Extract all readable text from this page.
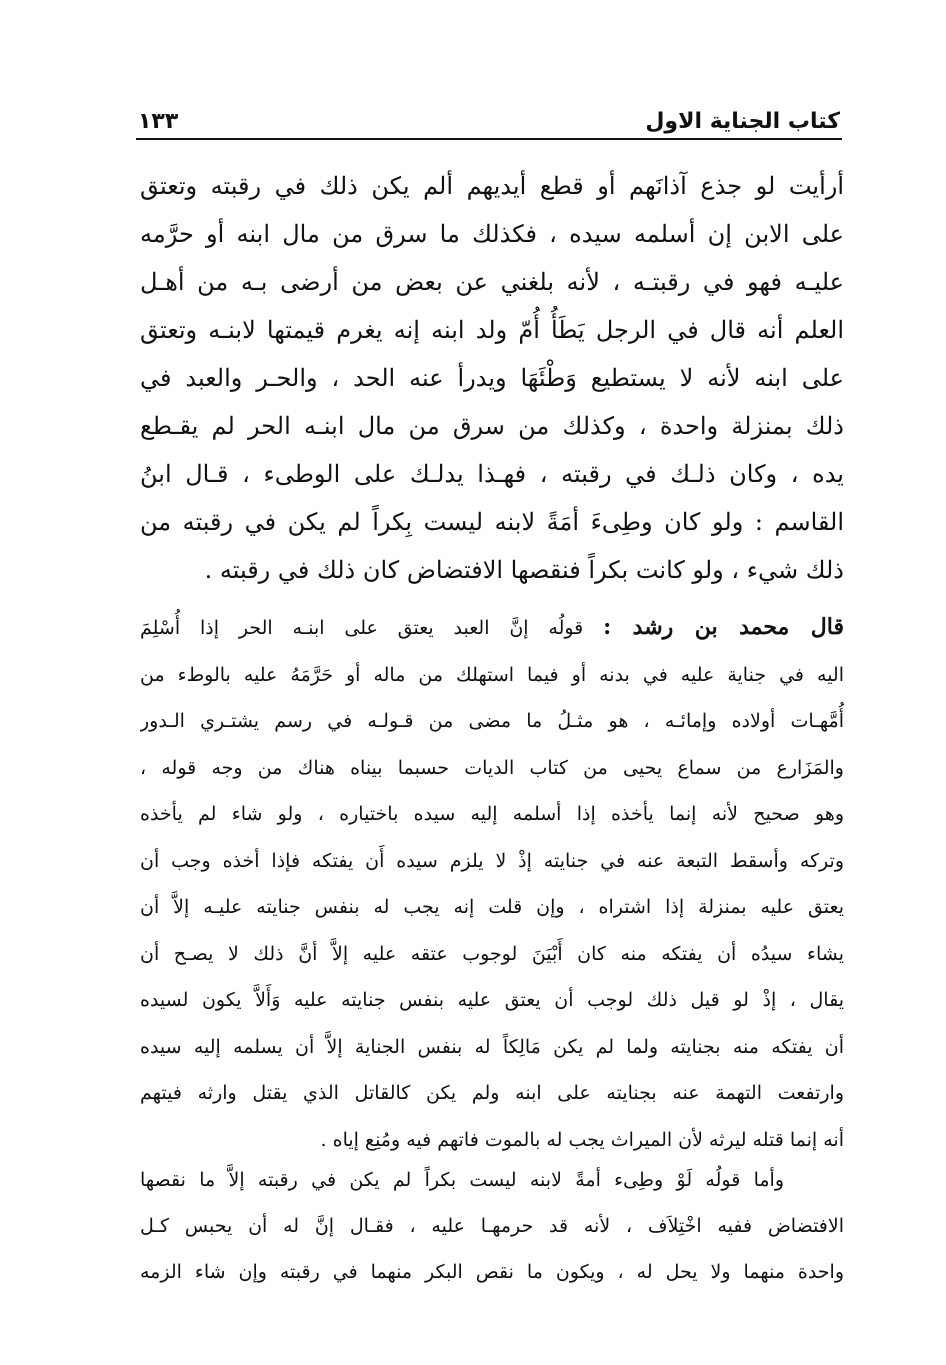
كتاب الجناية الاول
١٣٣
أرأيت لو جذع آذانَهم أو قطع أيديهم ألم يكن ذلك في رقبته وتعتق
على الابن إن أسلمه سيده ، فكذلك ما سرق من مال ابنه أو حرَّمه
عليـه فهو في رقبتـه ، لأنه بلغني عن بعض من أرضى بـه من أهـل
العلم أنه قال في الرجل يَطَأُ أُمّ ولد ابنه إنه يغرم قيمتها لابنـه وتعتق
على ابنه لأنه لا يستطيع وَطْئَهَا ويدرأ عنه الحد ، والحـر والعبد في
ذلك بمنزلة واحدة ، وكذلك من سرق من مال ابنـه الحر لم يقـطع
يده ، وكان ذلـك في رقبته ، فهـذا يدلـك على الوطىء ، قـال ابنُ
القاسم : ولو كان وطِىءَ أمَةً لابنه ليست بِكراً لم يكن في رقبته من
ذلك شيء ، ولو كانت بكراً فنقصها الافتضاض كان ذلك في رقبته .
قال محمد بن رشد : قولُه إنَّ العبد يعتق على ابنـه الحر إذا أُسْلِمَ
اليه في جناية عليه في بدنه أو فيما استهلك من ماله أو حَرَّمَهُ عليه بالوطء من
أُمَّهـات أولاده وإمائـه ، هو مثـلُ ما مضى من قـولـه في رسم يشتـري الـدور
والمَزَارع من سماع يحيى من كتاب الديات حسبما بيناه هناك من وجه قوله ،
وهو صحيح لأنه إنما يأخذه إذا أسلمه إليه سيده باختياره ، ولو شاء لم يأخذه
وتركه وأسقط التبعة عنه في جنايته إذْ لا يلزم سيده أَن يفتكه فإذا أخذه وجب أن
يعتق عليه بمنزلة إذا اشتراه ، وإن قلت إنه يجب له بنفس جنايته عليـه إلاَّ أن
يشاء سيدُه أن يفتكه منه كان أَبْيَنَ لوجوب عتقه عليه إلاَّ أنَّ ذلك لا يصـح أن
يقال ، إذْ لو قيل ذلك لوجب أن يعتق عليه بنفس جنايته عليه وَأَلاَّ يكون لسيده
أن يفتكه منه بجنايته ولما لم يكن مَالِكاً له بنفس الجناية إلاَّ أن يسلمه إليه سيده
وارتفعت التهمة عنه بجنايته على ابنه ولم يكن كالقاتل الذي يقتل وارثه فيتهم
أنه إنما قتله ليرثه لأن الميراث يجب له بالموت فاتهم فيه ومُنِع إياه .
وأما قولُه لَوْ وطِىء أمةً لابنه ليست بكراً لم يكن في رقبته إلاَّ ما نقصها
الافتضاض ففيه اخْتِلاَف ، لأنه قد حرمهـا عليه ، فقـال إنَّ له أن يحبس كـل
واحدة منهما ولا يحل له ، ويكون ما نقص البكر منهما في رقبته وإن شاء الزمه
